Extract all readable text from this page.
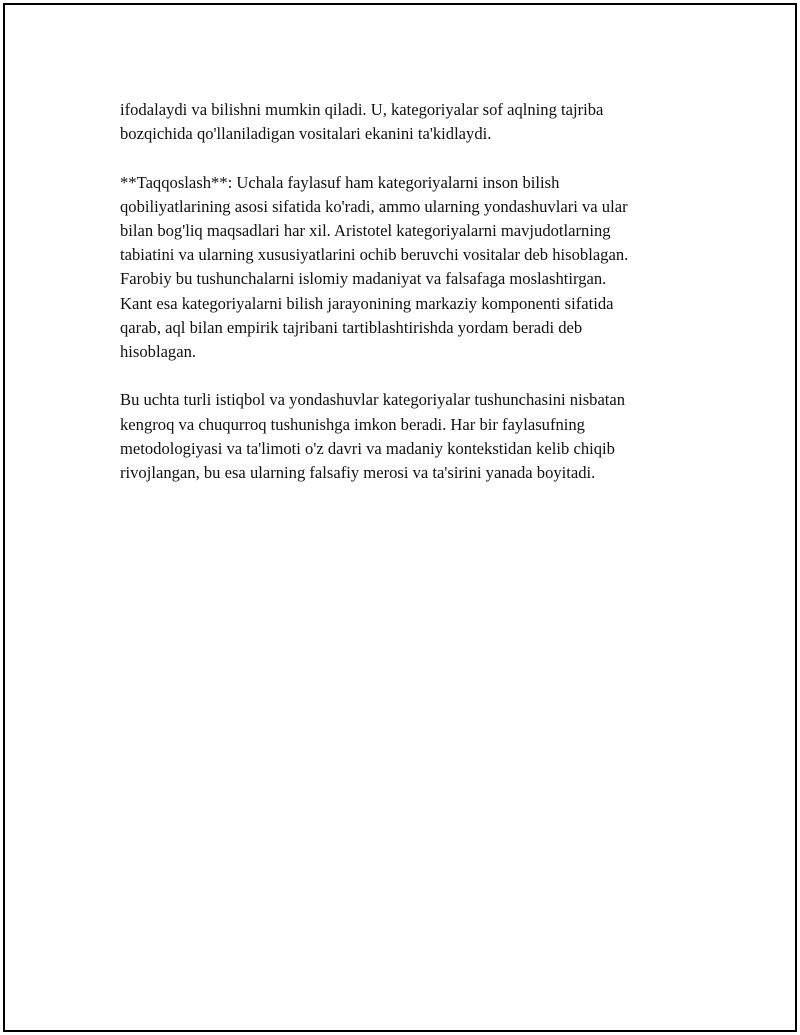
ifodalaydi va bilishni mumkin qiladi. U, kategoriyalar sof aqlning tajriba
bozqichida qo'llaniladigan vositalari ekanini ta'kidlaydi.

**Taqqoslash**: Uchala faylasuf ham kategoriyalarni inson bilish
qobiliyatlarining asosi sifatida ko'radi, ammo ularning yondashuvlari va ular
bilan bog'liq maqsadlari har xil. Aristotel kategoriyalarni mavjudotlarning
tabiatini va ularning xususiyatlarini ochib beruvchi vositalar deb hisoblagan.
Farobiy bu tushunchalarni islomiy madaniyat va falsafaga moslashtirgan.
Kant esa kategoriyalarni bilish jarayonining markaziy komponenti sifatida
qarab, aql bilan empirik tajribani tartiblashtirishda yordam beradi deb
hisoblagan.

Bu uchta turli istiqbol va yondashuvlar kategoriyalar tushunchasini nisbatan
kengroq va chuqurroq tushunishga imkon beradi. Har bir faylasufning
metodologiyasi va ta'limoti o'z davri va madaniy kontekstidan kelib chiqib
rivojlangan, bu esa ularning falsafiy merosi va ta'sirini yanada boyitadi.
